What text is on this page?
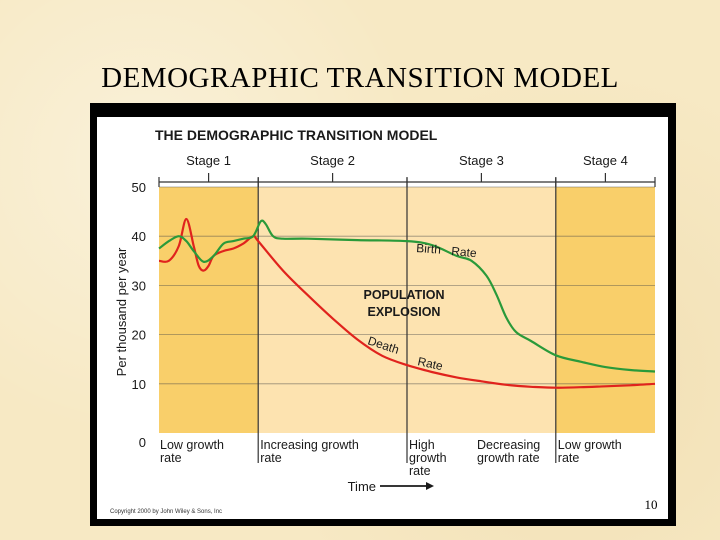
DEMOGRAPHIC TRANSITION MODEL
THE DEMOGRAPHIC TRANSITION MODEL
0
10
20
30
40
50
Per thousand per year
Stage 1	Stage 2	Stage 3	Stage 4
Birth Rate
Death
Rate
POPULATION
EXPLOSION
Low growth
rate
Increasing growth
rate
High
growth
rate
Decreasing
growth rate
Low growth
rate
Time
Copyright 2000 by John Wiley & Sons, Inc	10
